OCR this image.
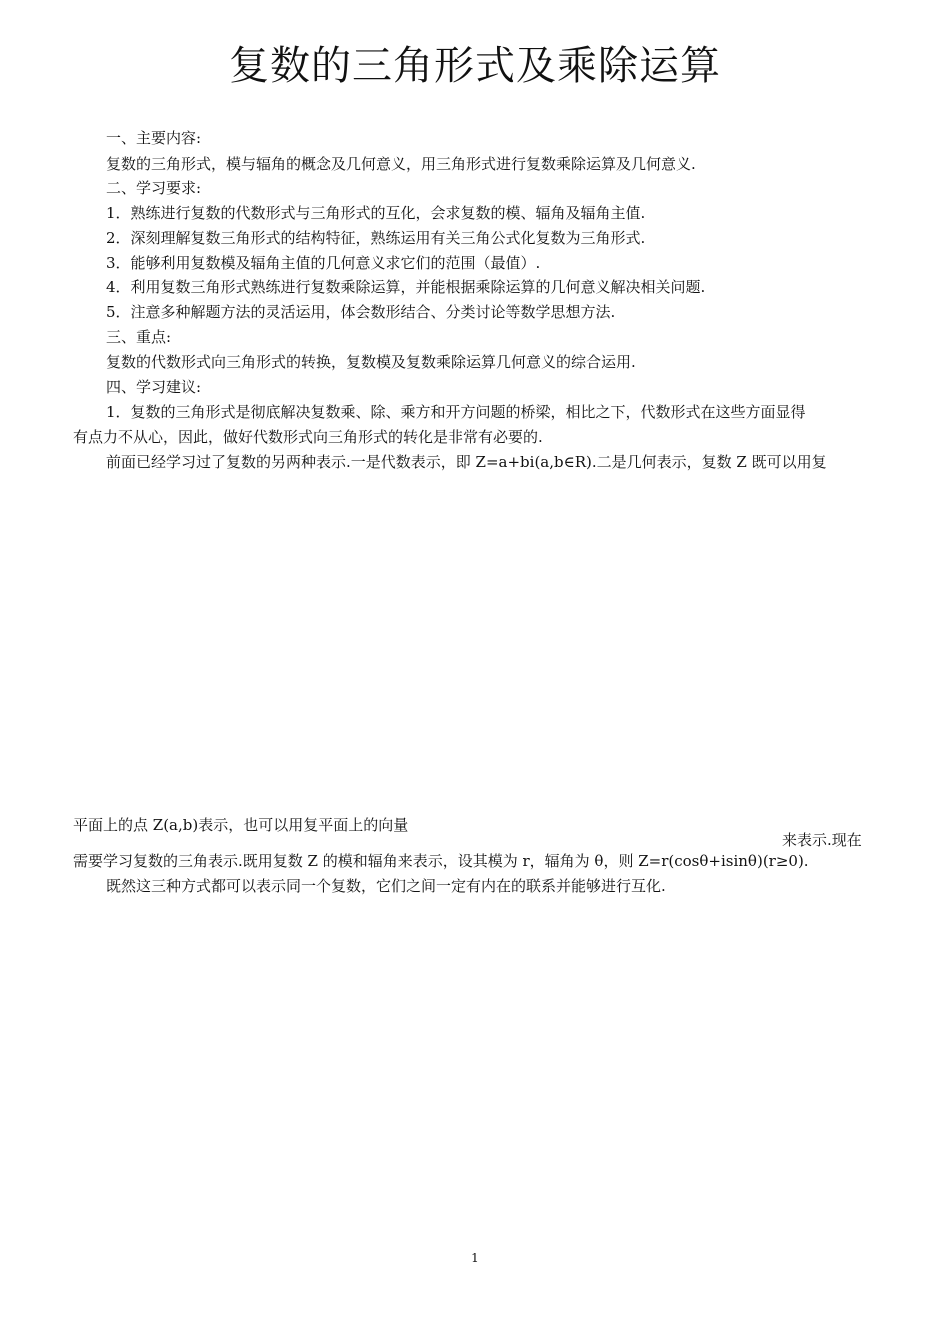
复数的三角形式及乘除运算

一、主要内容:

复数的三角形式，模与辐角的概念及几何意义，用三角形式进行复数乘除运算及几何意义.

二、学习要求:

1．熟练进行复数的代数形式与三角形式的互化，会求复数的模、辐角及辐角主值.

2．深刻理解复数三角形式的结构特征，熟练运用有关三角公式化复数为三角形式.

3．能够利用复数模及辐角主值的几何意义求它们的范围（最值）.

4．利用复数三角形式熟练进行复数乘除运算，并能根据乘除运算的几何意义解决相关问题.

5．注意多种解题方法的灵活运用，体会数形结合、分类讨论等数学思想方法.

三、重点:

复数的代数形式向三角形式的转换，复数模及复数乘除运算几何意义的综合运用.

四、学习建议:

1．复数的三角形式是彻底解决复数乘、除、乘方和开方问题的桥梁，相比之下，代数形式在这些方面显得

有点力不从心，因此，做好代数形式向三角形式的转化是非常有必要的.

前面已经学习过了复数的另两种表示.一是代数表示，即 Z=a+bi(a,b∈R).二是几何表示，复数 Z 既可以用复

平面上的点 Z(a,b)表示，也可以用复平面上的向量

来表示.现在

需要学习复数的三角表示.既用复数 Z 的模和辐角来表示，设其模为 r，辐角为 θ，则 Z=r(cosθ+isinθ)(r≥0).

既然这三种方式都可以表示同一个复数，它们之间一定有内在的联系并能够进行互化.

1
